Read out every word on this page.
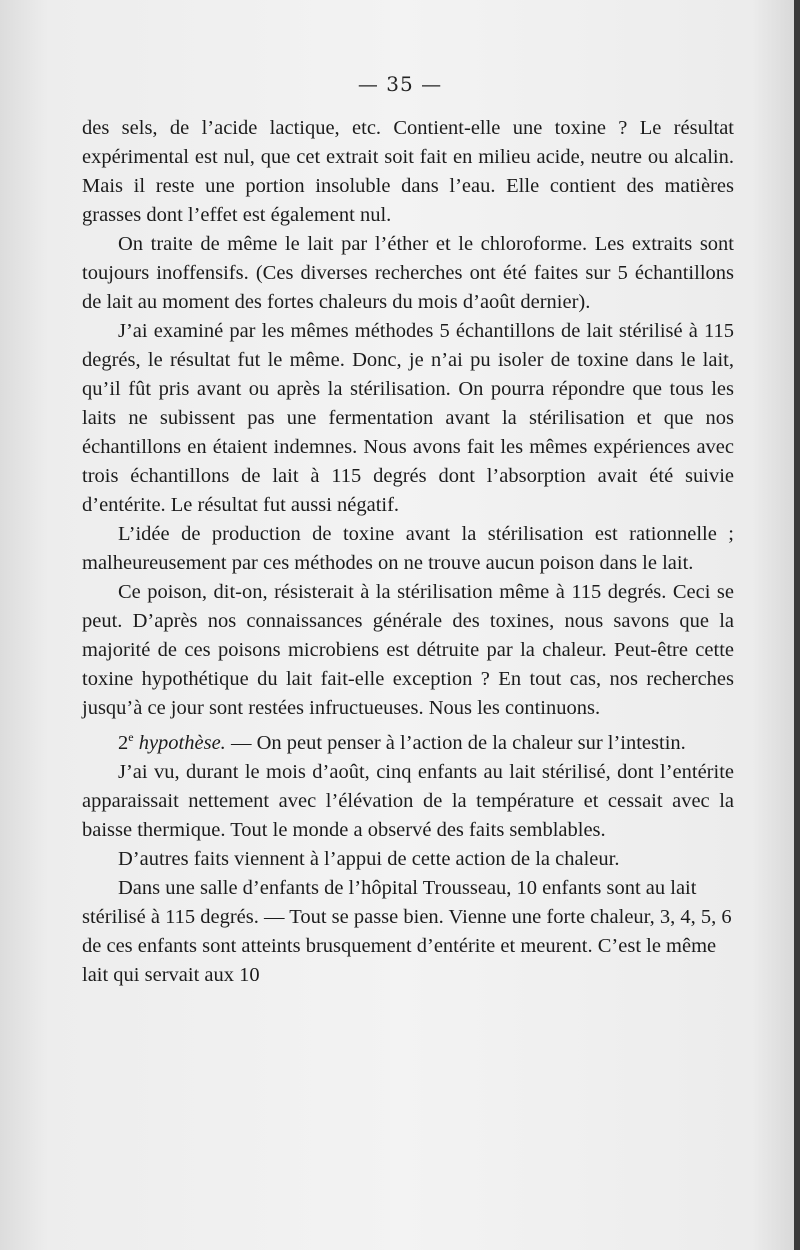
— 35 —

des sels, de l’acide lactique, etc. Contient-elle une toxine ? Le résultat expérimental est nul, que cet extrait soit fait en milieu acide, neutre ou alcalin. Mais il reste une portion insoluble dans l’eau. Elle contient des matières grasses dont l’effet est également nul.

On traite de même le lait par l’éther et le chloroforme. Les extraits sont toujours inoffensifs. (Ces diverses recherches ont été faites sur 5 échantillons de lait au moment des fortes chaleurs du mois d’août dernier).

J’ai examiné par les mêmes méthodes 5 échantillons de lait stérilisé à 115 degrés, le résultat fut le même. Donc, je n’ai pu isoler de toxine dans le lait, qu’il fût pris avant ou après la stérilisation. On pourra répondre que tous les laits ne subissent pas une fermentation avant la stérilisation et que nos échantillons en étaient indemnes. Nous avons fait les mêmes expériences avec trois échantillons de lait à 115 degrés dont l’absorption avait été suivie d’entérite. Le résultat fut aussi négatif.

L’idée de production de toxine avant la stérilisation est rationnelle ; malheureusement par ces méthodes on ne trouve aucun poison dans le lait.

Ce poison, dit-on, résisterait à la stérilisation même à 115 degrés. Ceci se peut. D’après nos connaissances générale des toxines, nous savons que la majorité de ces poisons microbiens est détruite par la chaleur. Peut-être cette toxine hypothétique du lait fait-elle exception ? En tout cas, nos recherches jusqu’à ce jour sont restées infructueuses. Nous les continuons.

2e hypothèse. — On peut penser à l’action de la chaleur sur l’intestin.

J’ai vu, durant le mois d’août, cinq enfants au lait stérilisé, dont l’entérite apparaissait nettement avec l’élévation de la température et cessait avec la baisse thermique. Tout le monde a observé des faits semblables.

D’autres faits viennent à l’appui de cette action de la chaleur.

Dans une salle d’enfants de l’hôpital Trousseau, 10 enfants sont au lait stérilisé à 115 degrés. — Tout se passe bien. Vienne une forte chaleur, 3, 4, 5, 6 de ces enfants sont atteints brusquement d’entérite et meurent. C’est le même lait qui servait aux 10
